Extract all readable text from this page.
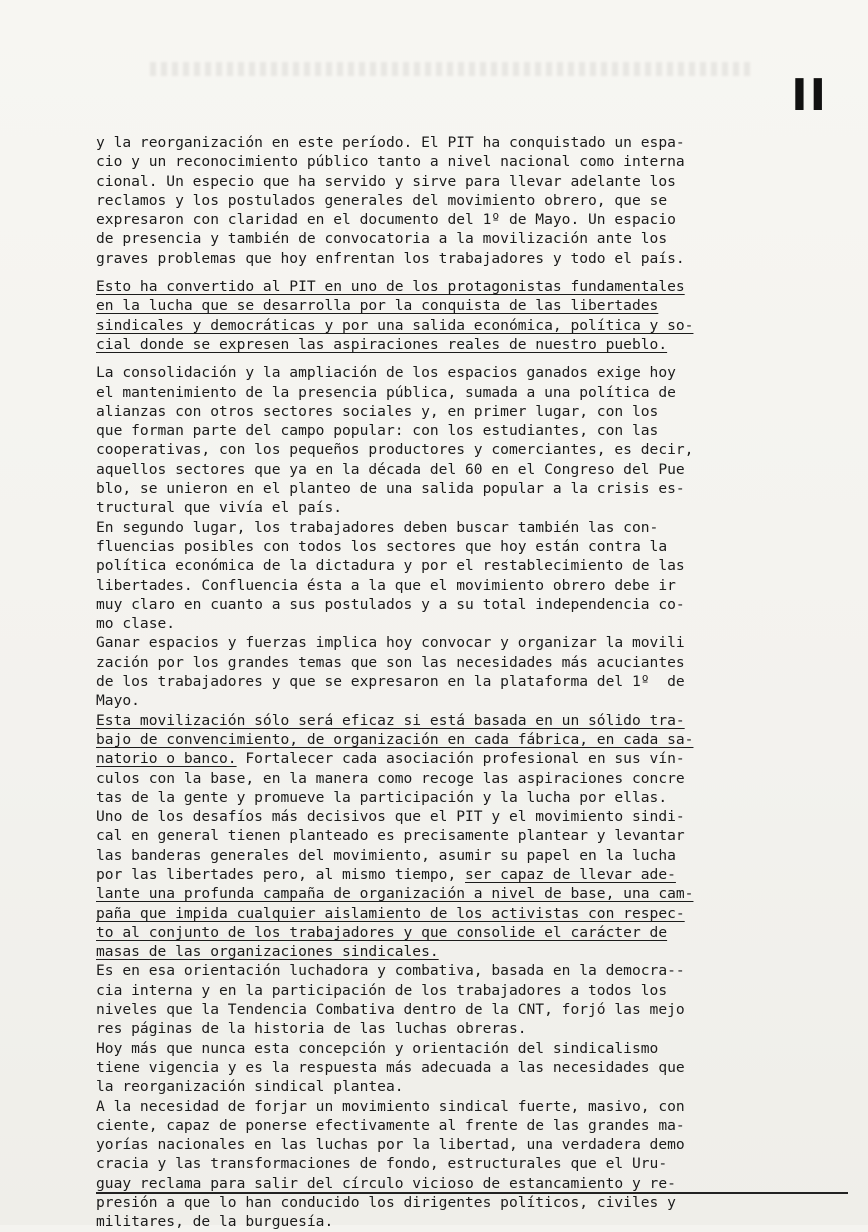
II
y la reorganización en este período. El PIT ha conquistado un espa-
cio y un reconocimiento público tanto a nivel nacional como interna
cional. Un especio que ha servido y sirve para llevar adelante los
reclamos y los postulados generales del movimiento obrero, que se
expresaron con claridad en el documento del 1º de Mayo. Un espacio
de presencia y también de convocatoria a la movilización ante los
graves problemas que hoy enfrentan los trabajadores y todo el país.
Esto ha convertido al PIT en uno de los protagonistas fundamentales
en la lucha que se desarrolla por la conquista de las libertades
sindicales y democráticas y por una salida económica, política y so-
cial donde se expresen las aspiraciones reales de nuestro pueblo.
La consolidación y la ampliación de los espacios ganados exige hoy
el mantenimiento de la presencia pública, sumada a una política de
alianzas con otros sectores sociales y, en primer lugar, con los
que forman parte del campo popular: con los estudiantes, con las
cooperativas, con los pequeños productores y comerciantes, es decir,
aquellos sectores que ya en la década del 60 en el Congreso del Pue
blo, se unieron en el planteo de una salida popular a la crisis es-
tructural que vivía el país.
En segundo lugar, los trabajadores deben buscar también las con-
fluencias posibles con todos los sectores que hoy están contra la
política económica de la dictadura y por el restablecimiento de las
libertades. Confluencia ésta a la que el movimiento obrero debe ir
muy claro en cuanto a sus postulados y a su total independencia co-
mo clase.
Ganar espacios y fuerzas implica hoy convocar y organizar la movili
zación por los grandes temas que son las necesidades más acuciantes
de los trabajadores y que se expresaron en la plataforma del 1º  de
Mayo.
Esta movilización sólo será eficaz si está basada en un sólido tra-
bajo de convencimiento, de organización en cada fábrica, en cada sa-
natorio o banco. Fortalecer cada asociación profesional en sus vín-
culos con la base, en la manera como recoge las aspiraciones concre
tas de la gente y promueve la participación y la lucha por ellas.
Uno de los desafíos más decisivos que el PIT y el movimiento sindi-
cal en general tienen planteado es precisamente plantear y levantar
las banderas generales del movimiento, asumir su papel en la lucha
por las libertades pero, al mismo tiempo, ser capaz de llevar ade-
lante una profunda campaña de organización a nivel de base, una cam-
paña que impida cualquier aislamiento de los activistas con respec-
to al conjunto de los trabajadores y que consolide el carácter de
masas de las organizaciones sindicales.
Es en esa orientación luchadora y combativa, basada en la democra--
cia interna y en la participación de los trabajadores a todos los
niveles que la Tendencia Combativa dentro de la CNT, forjó las mejo
res páginas de la historia de las luchas obreras.
Hoy más que nunca esta concepción y orientación del sindicalismo
tiene vigencia y es la respuesta más adecuada a las necesidades que
la reorganización sindical plantea.
A la necesidad de forjar un movimiento sindical fuerte, masivo, con
ciente, capaz de ponerse efectivamente al frente de las grandes ma-
yorías nacionales en las luchas por la libertad, una verdadera demo
cracia y las transformaciones de fondo, estructurales que el Uru-
guay reclama para salir del círculo vicioso de estancamiento y re-
presión a que lo han conducido los dirigentes políticos, civiles y
militares, de la burguesía.
